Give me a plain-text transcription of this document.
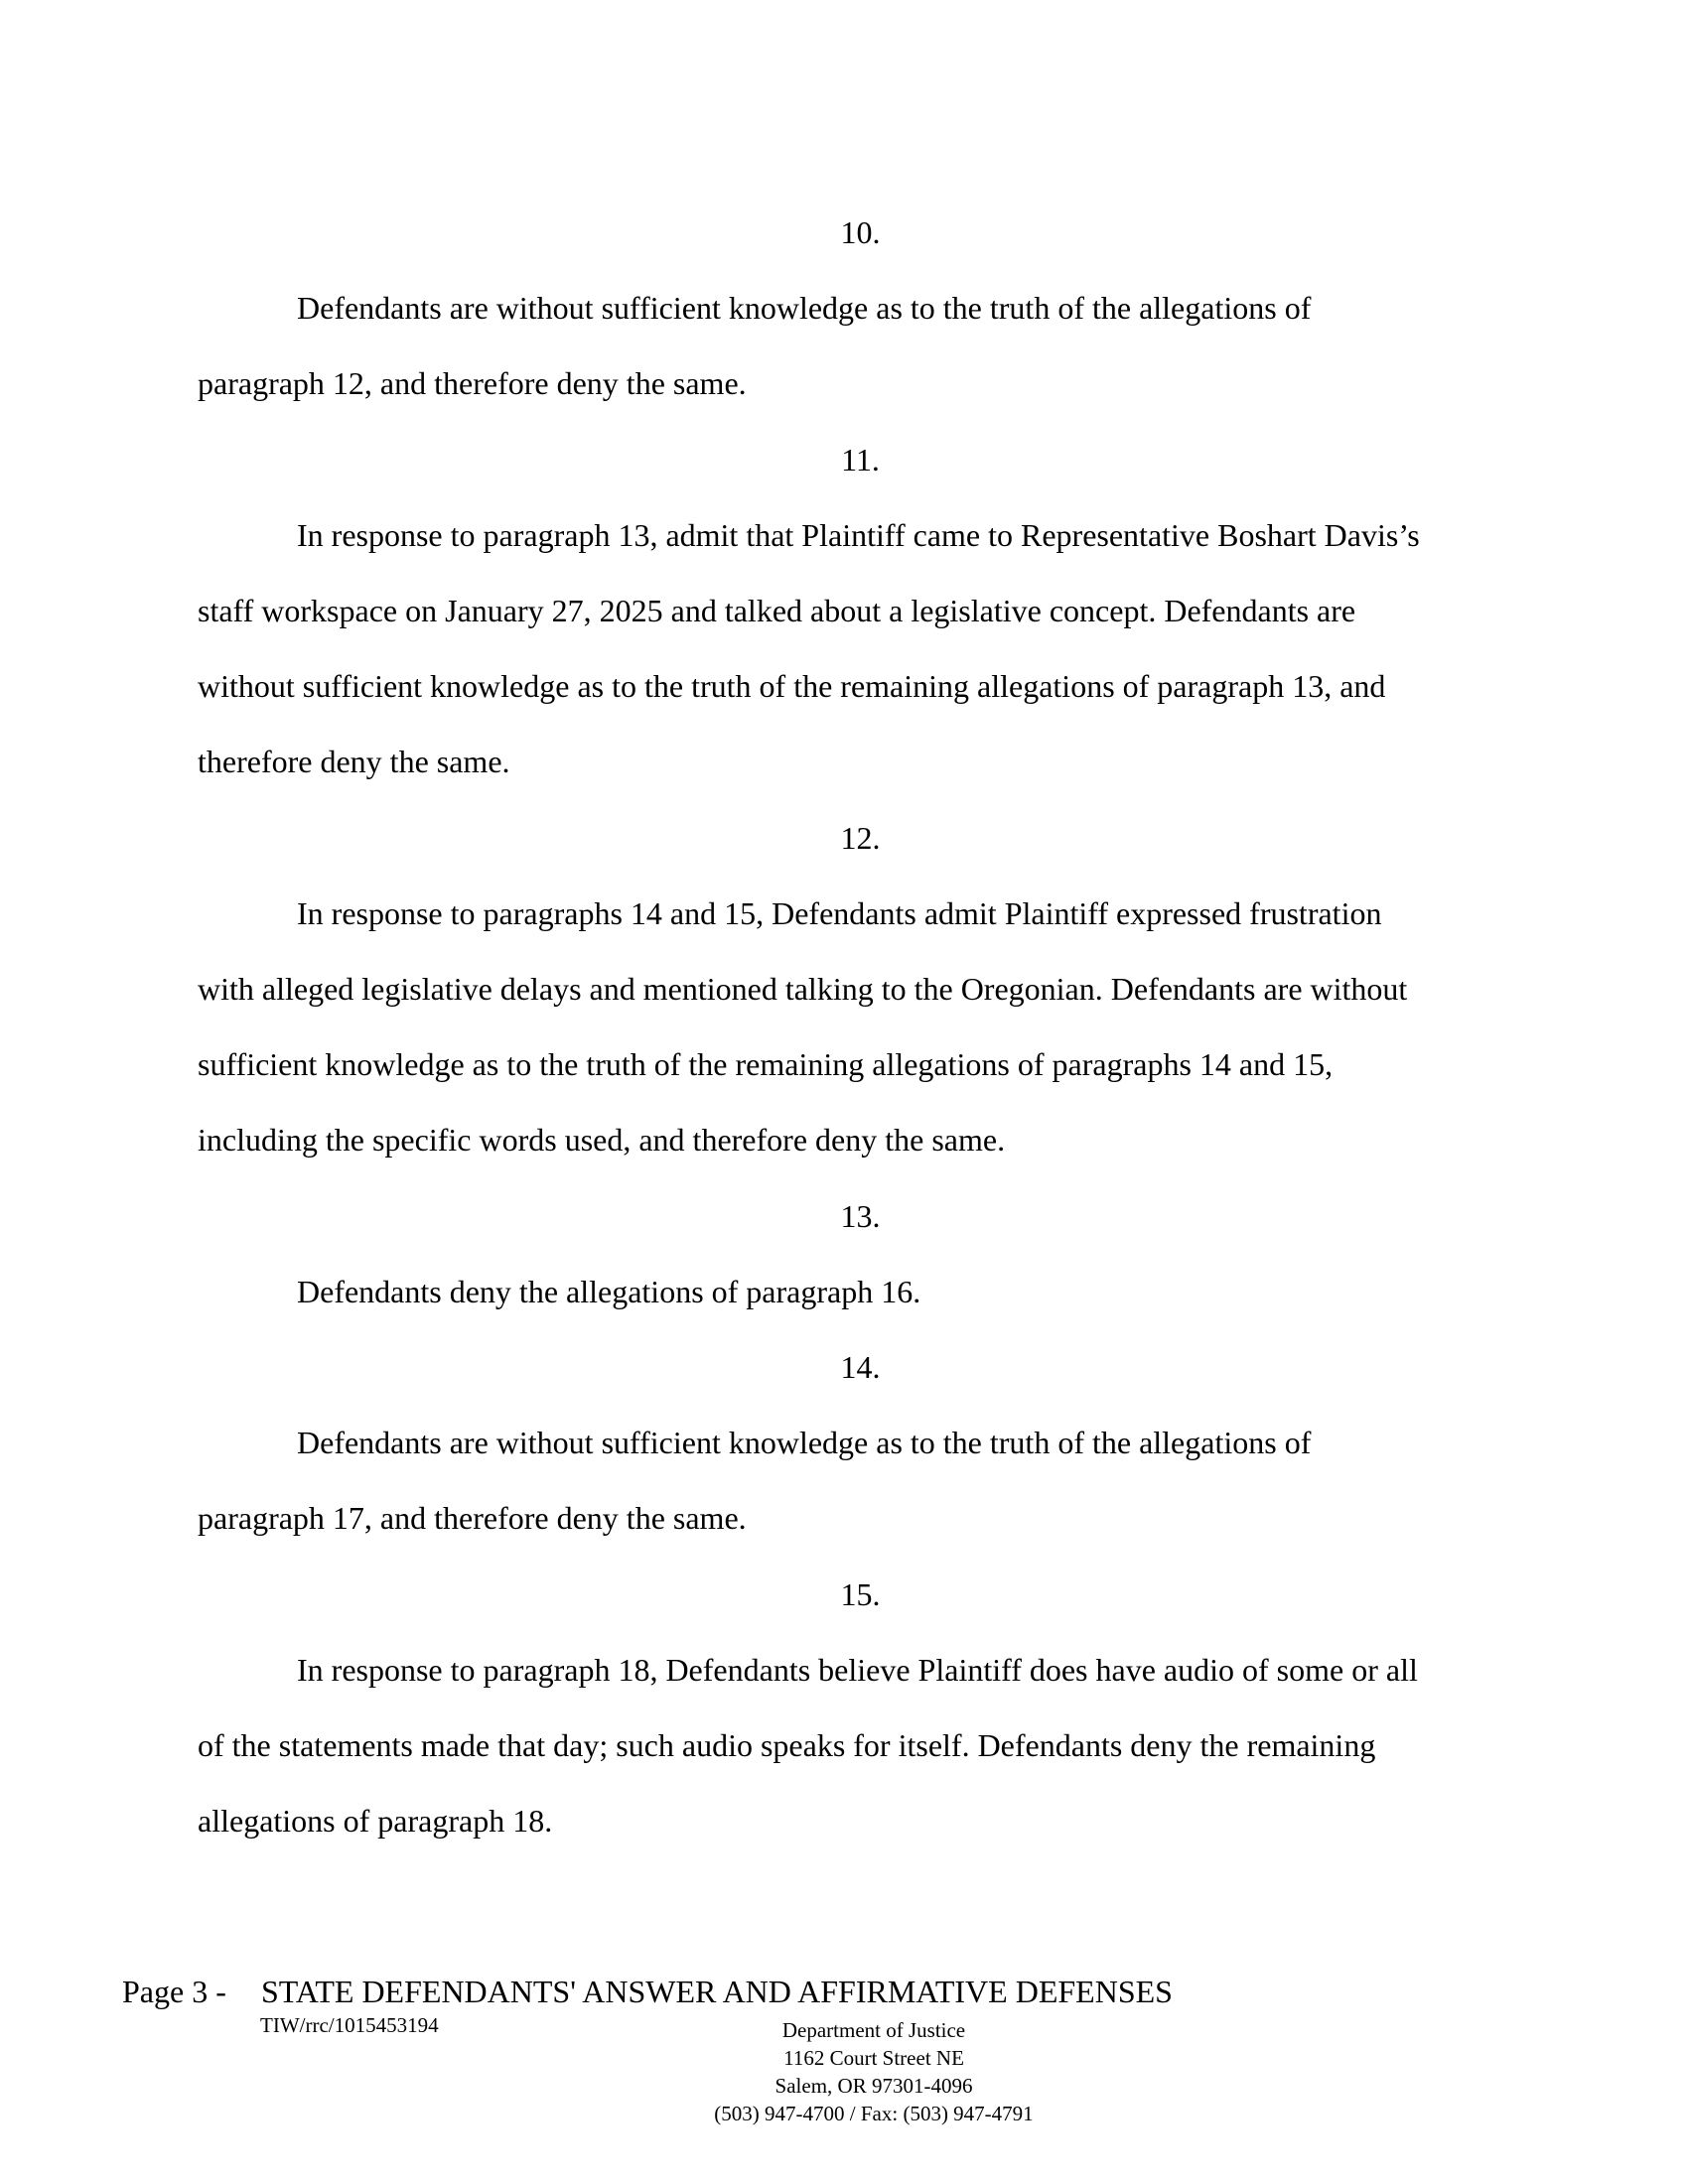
10.

Defendants are without sufficient knowledge as to the truth of the allegations of
paragraph 12, and therefore deny the same.

11.

In response to paragraph 13, admit that Plaintiff came to Representative Boshart Davis’s
staff workspace on January 27, 2025 and talked about a legislative concept. Defendants are
without sufficient knowledge as to the truth of the remaining allegations of paragraph 13, and
therefore deny the same.

12.

In response to paragraphs 14 and 15, Defendants admit Plaintiff expressed frustration
with alleged legislative delays and mentioned talking to the Oregonian. Defendants are without
sufficient knowledge as to the truth of the remaining allegations of paragraphs 14 and 15,
including the specific words used, and therefore deny the same.

13.

Defendants deny the allegations of paragraph 16.

14.

Defendants are without sufficient knowledge as to the truth of the allegations of
paragraph 17, and therefore deny the same.

15.

In response to paragraph 18, Defendants believe Plaintiff does have audio of some or all
of the statements made that day; such audio speaks for itself. Defendants deny the remaining
allegations of paragraph 18.

Page 3 - STATE DEFENDANTS' ANSWER AND AFFIRMATIVE DEFENSES
TIW/rrc/1015453194	Department of Justice
1162 Court Street NE
Salem, OR 97301-4096
(503) 947-4700 / Fax: (503) 947-4791
